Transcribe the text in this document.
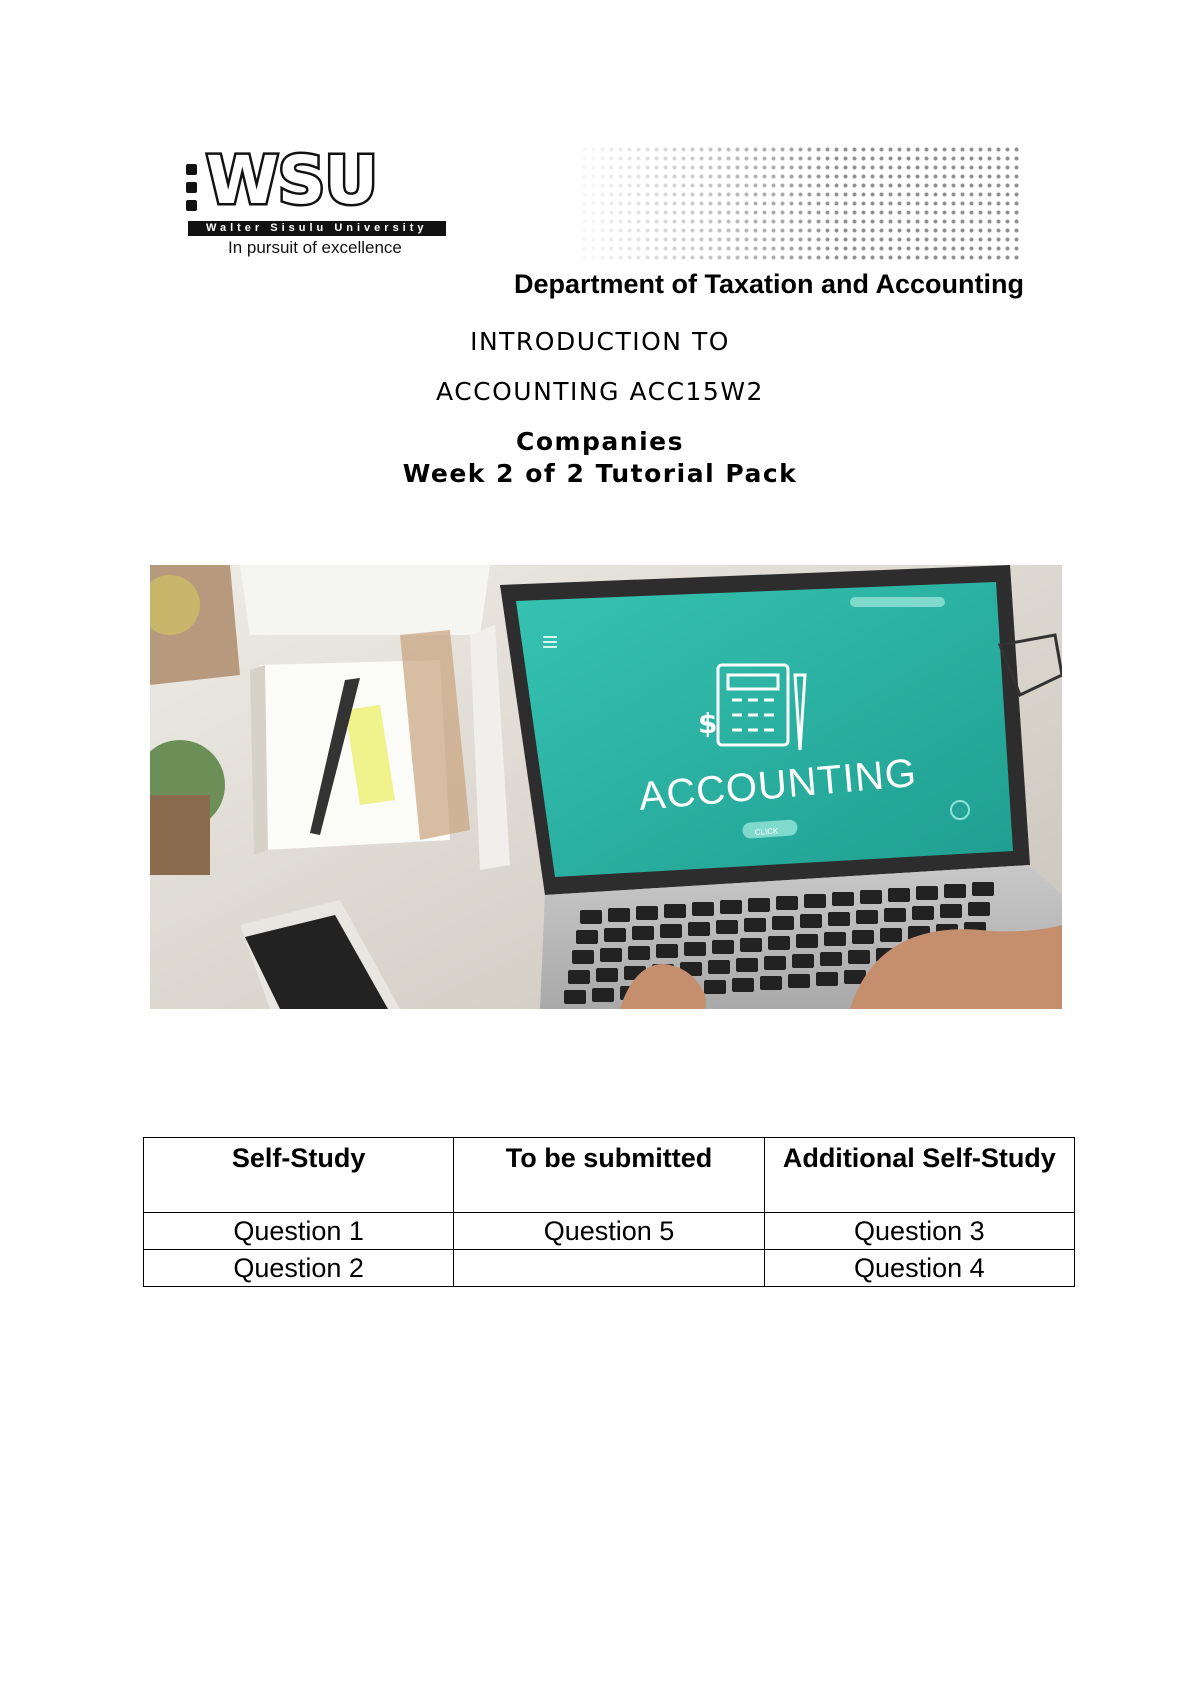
WSU
Walter Sisulu University
In pursuit of excellence
Department of Taxation and Accounting
INTRODUCTION TO
ACCOUNTING ACC15W2
Companies
Week 2 of 2 Tutorial Pack
$
ACCOUNTING
CLICK
Self-Study	To be submitted	Additional Self-Study
Question 1	Question 5	Question 3
Question 2		Question 4
